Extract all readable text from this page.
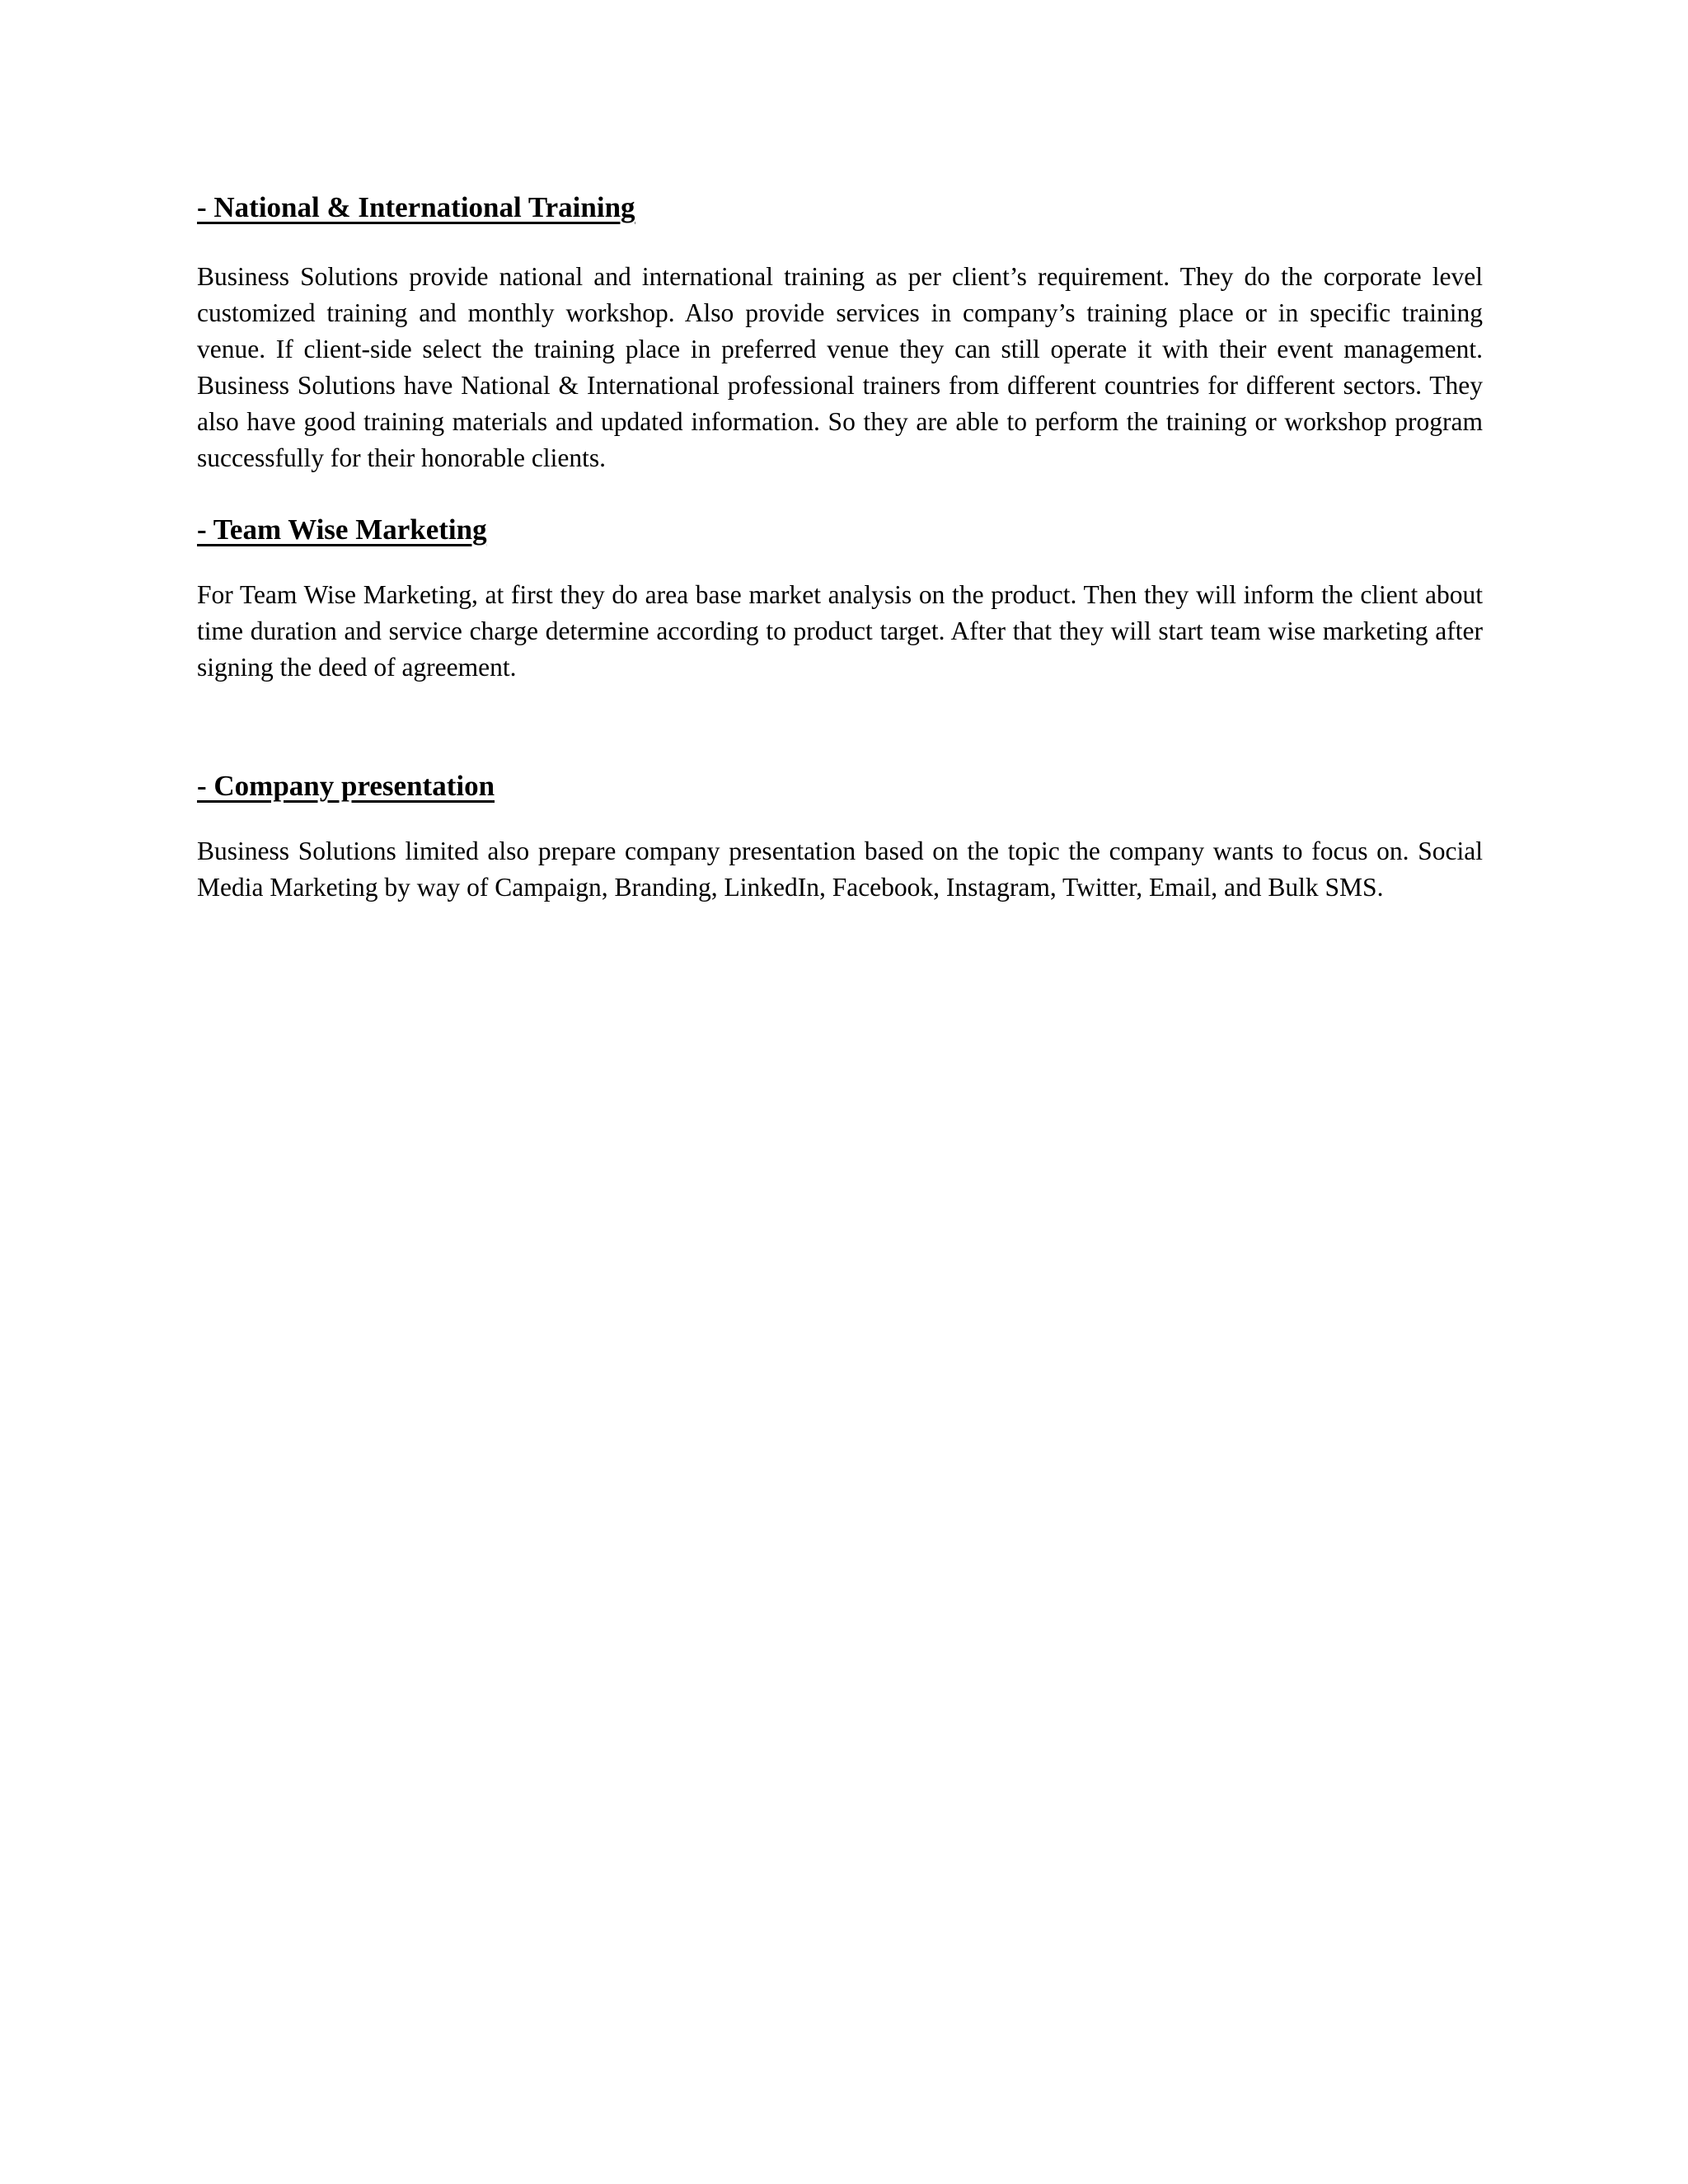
- National & International Training

Business Solutions provide national and international training as per client’s requirement. They do the corporate level customized training and monthly workshop. Also provide services in company’s training place or in specific training venue. If client-side select the training place in preferred venue they can still operate it with their event management. Business Solutions have National & International professional trainers from different countries for different sectors. They also have good training materials and updated information. So they are able to perform the training or workshop program successfully for their honorable clients.

- Team Wise Marketing

For Team Wise Marketing, at first they do area base market analysis on the product. Then they will inform the client about time duration and service charge determine according to product target. After that they will start team wise marketing after signing the deed of agreement.

- Company presentation

Business Solutions limited also prepare company presentation based on the topic the company wants to focus on. Social Media Marketing by way of Campaign, Branding, LinkedIn, Facebook, Instagram, Twitter, Email, and Bulk SMS.
